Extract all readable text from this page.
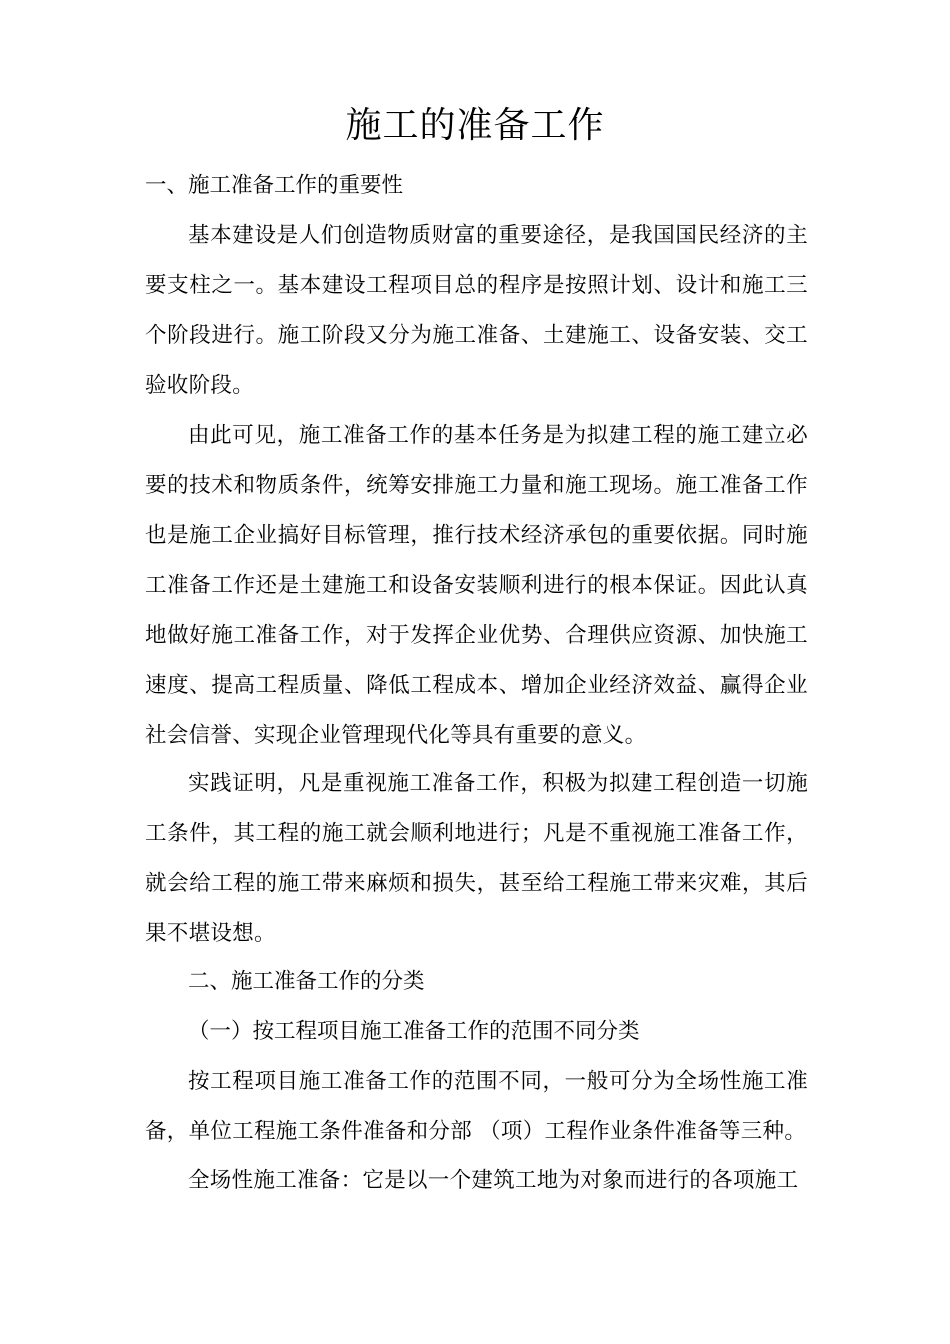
施工的准备工作
一、施工准备工作的重要性

基本建设是人们创造物质财富的重要途径，是我国国民经济的主要支柱之一。基本建设工程项目总的程序是按照计划、设计和施工三个阶段进行。施工阶段又分为施工准备、土建施工、设备安装、交工验收阶段。

由此可见，施工准备工作的基本任务是为拟建工程的施工建立必要的技术和物质条件，统筹安排施工力量和施工现场。施工准备工作也是施工企业搞好目标管理，推行技术经济承包的重要依据。同时施工准备工作还是土建施工和设备安装顺利进行的根本保证。因此认真地做好施工准备工作，对于发挥企业优势、合理供应资源、加快施工速度、提高工程质量、降低工程成本、增加企业经济效益、赢得企业社会信誉、实现企业管理现代化等具有重要的意义。

实践证明，凡是重视施工准备工作，积极为拟建工程创造一切施工条件，其工程的施工就会顺利地进行；凡是不重视施工准备工作，就会给工程的施工带来麻烦和损失，甚至给工程施工带来灾难，其后果不堪设想。

二、施工准备工作的分类
（一）按工程项目施工准备工作的范围不同分类

按工程项目施工准备工作的范围不同，一般可分为全场性施工准备，单位工程施工条件准备和分部 （项）工程作业条件准备等三种。

全场性施工准备：它是以一个建筑工地为对象而进行的各项施工
